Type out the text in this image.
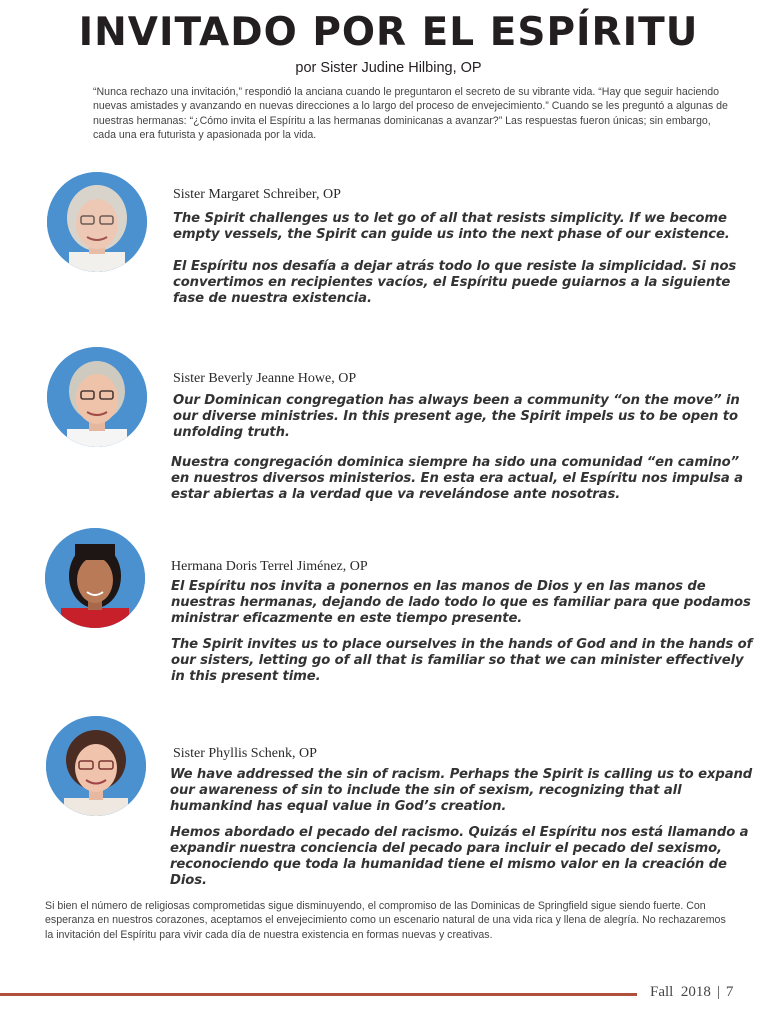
INVITADO POR EL ESPÍRITU
por Sister Judine Hilbing, OP
“Nunca rechazo una invitación,” respondió la anciana cuando le preguntaron el secreto de su vibrante vida. “Hay que seguir haciendo nuevas amistades y avanzando en nuevas direcciones a lo largo del proceso de envejecimiento.” Cuando se les preguntó a algunas de nuestras hermanas: “¿Cómo invita el Espíritu a las hermanas dominicanas a avanzar?” Las respuestas fueron únicas; sin embargo, cada una era futurista y apasionada por la vida.
Sister Margaret Schreiber, OP
The Spirit challenges us to let go of all that resists simplicity. If we become empty vessels, the Spirit can guide us into the next phase of our existence.
El Espíritu nos desafía a dejar atrás todo lo que resiste la simplicidad. Si nos convertimos en recipientes vacíos, el Espíritu puede guiarnos a la siguiente fase de nuestra existencia.
Sister Beverly Jeanne Howe, OP
Our Dominican congregation has always been a community “on the move” in our diverse ministries. In this present age, the Spirit impels us to be open to unfolding truth.
Nuestra congregación dominica siempre ha sido una comunidad “en camino” en nuestros diversos ministerios. En esta era actual, el Espíritu nos impulsa a estar abiertas a la verdad que va revelándose ante nosotras.
Hermana Doris Terrel Jiménez, OP
El Espíritu nos invita a ponernos en las manos de Dios y en las manos de nuestras hermanas, dejando de lado todo lo que es familiar para que podamos ministrar eficazmente en este tiempo presente.
The Spirit invites us to place ourselves in the hands of God and in the hands of our sisters, letting go of all that is familiar so that we can minister effectively in this present time.
Sister Phyllis Schenk, OP
We have addressed the sin of racism. Perhaps the Spirit is calling us to expand our awareness of sin to include the sin of sexism, recognizing that all humankind has equal value in God’s creation.
Hemos abordado el pecado del racismo. Quizás el Espíritu nos está llamando a expandir nuestra conciencia del pecado para incluir el pecado del sexismo, reconociendo que toda la humanidad tiene el mismo valor en la creación de Dios.
Si bien el número de religiosas comprometidas sigue disminuyendo, el compromiso de las Dominicas de Springfield sigue siendo fuerte. Con esperanza en nuestros corazones, aceptamos el envejecimiento como un escenario natural de una vida rica y llena de alegría. No rechazaremos la invitación del Espíritu para vivir cada día de nuestra existencia en formas nuevas y creativas.
Fall  2018 | 7
